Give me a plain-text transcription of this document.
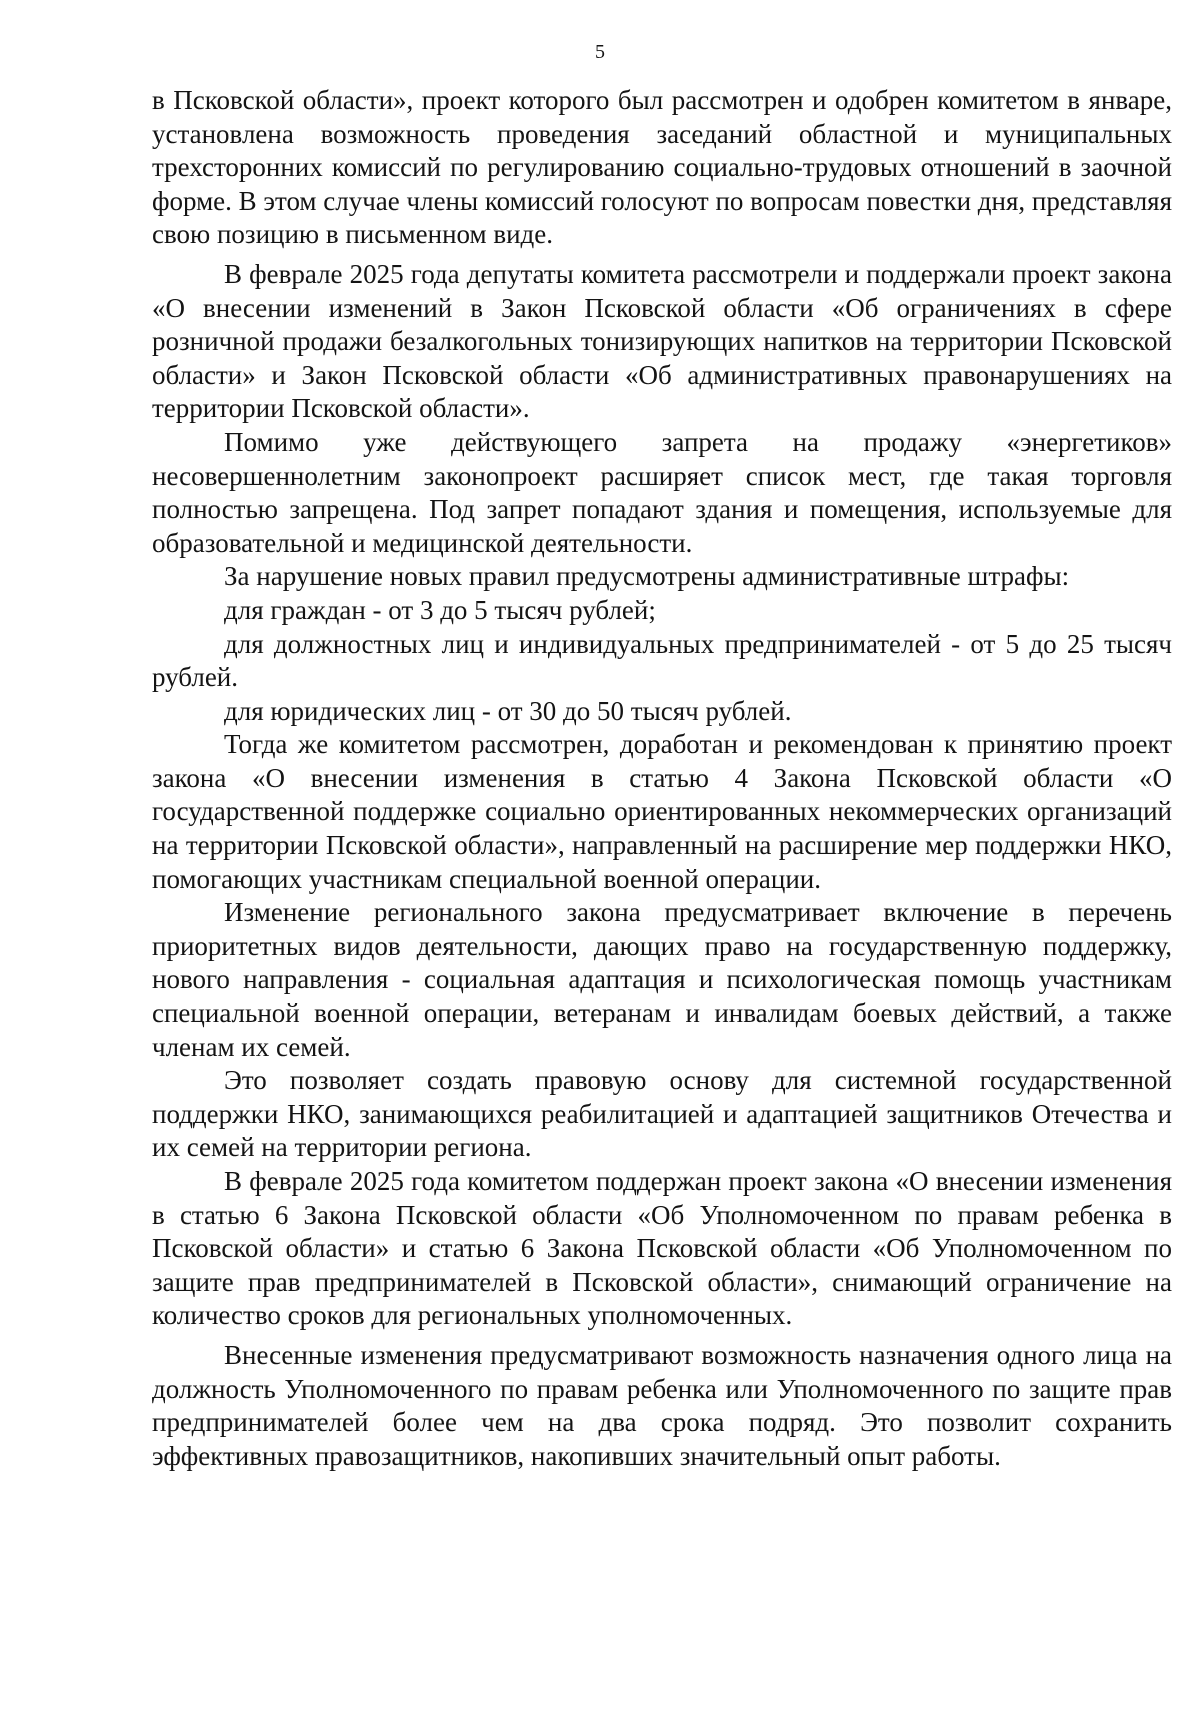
5

в Псковской области», проект которого был рассмотрен и одобрен комитетом в январе, установлена возможность проведения заседаний областной и муниципальных трехсторонних комиссий по регулированию социально-трудовых отношений в заочной форме. В этом случае члены комиссий голосуют по вопросам повестки дня, представляя свою позицию в письменном виде.

В феврале 2025 года депутаты комитета рассмотрели и поддержали проект закона «О внесении изменений в Закон Псковской области «Об ограничениях в сфере розничной продажи безалкогольных тонизирующих напитков на территории Псковской области» и Закон Псковской области «Об административных правонарушениях на территории Псковской области».

Помимо уже действующего запрета на продажу «энергетиков» несовершеннолетним законопроект расширяет список мест, где такая торговля полностью запрещена. Под запрет попадают здания и помещения, используемые для образовательной и медицинской деятельности.

За нарушение новых правил предусмотрены административные штрафы:

для граждан - от 3 до 5 тысяч рублей;

для должностных лиц и индивидуальных предпринимателей - от 5 до 25 тысяч рублей.

для юридических лиц - от 30 до 50 тысяч рублей.

Тогда же комитетом рассмотрен, доработан и рекомендован к принятию проект закона «О внесении изменения в статью 4 Закона Псковской области «О государственной поддержке социально ориентированных некоммерческих организаций на территории Псковской области», направленный на расширение мер поддержки НКО, помогающих участникам специальной военной операции.

Изменение регионального закона предусматривает включение в перечень приоритетных видов деятельности, дающих право на государственную поддержку, нового направления - социальная адаптация и психологическая помощь участникам специальной военной операции, ветеранам и инвалидам боевых действий, а также членам их семей.

Это позволяет создать правовую основу для системной государственной поддержки НКО, занимающихся реабилитацией и адаптацией защитников Отечества и их семей на территории региона.

В феврале 2025 года комитетом поддержан проект закона «О внесении изменения в статью 6 Закона Псковской области «Об Уполномоченном по правам ребенка в Псковской области» и статью 6 Закона Псковской области «Об Уполномоченном по защите прав предпринимателей в Псковской области», снимающий ограничение на количество сроков для региональных уполномоченных.

Внесенные изменения предусматривают возможность назначения одного лица на должность Уполномоченного по правам ребенка или Уполномоченного по защите прав предпринимателей более чем на два срока подряд. Это позволит сохранить эффективных правозащитников, накопивших значительный опыт работы.
